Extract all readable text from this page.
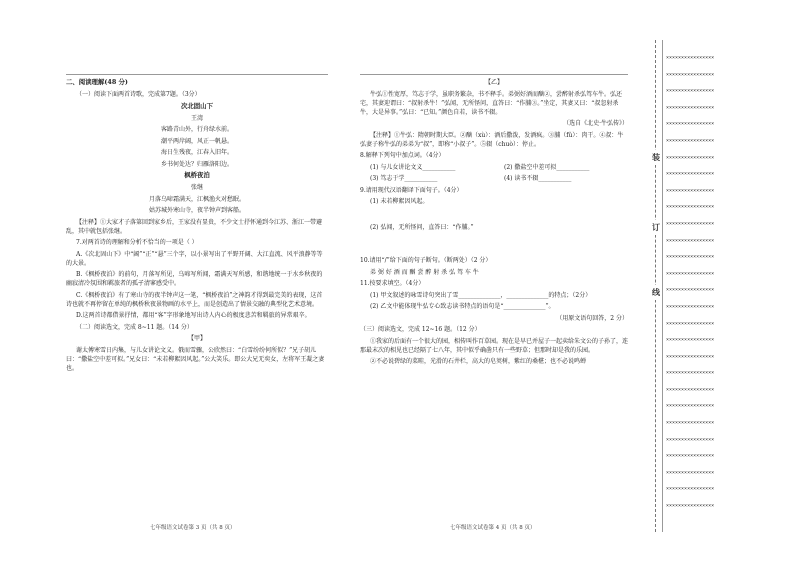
二、阅读理解(48 分)

（一）阅读下面两首诗歌，完成第7题。（3分）

次北固山下

王湾

客路青山外，行舟绿水前。

潮平两岸阔，风正一帆悬。

海日生残夜，江春入旧年。

乡书何处达？归雁洛阳边。

枫桥夜泊

张继

月落乌啼霜满天，江枫渔火对愁眠。

姑苏城外寒山寺，夜半钟声到客船。

【注释】①大家才子落第回到家乡后，王家没有显贵，不少文士抒怀通到今江苏、浙江一带避乱，其中就包括张继。

7.对两首诗的理解和分析不恰当的一项是（ ）

A.《次北固山下》中“阔”“正”“悬”三个字，以小景写出了平野开阔、大江直流、风平浪静等等的大景。

B.《枫桥夜泊》的前句，月落写所见，乌啼写所闻，霜满天写所感，和谐地统一于水乡秋夜的幽寂清冷氛围和羁旅者的孤孑清寥感受中。

C.《枫桥夜泊》有了寒山寺的夜半钟声这一笔，“枫桥夜泊”之神韵才得到最完美的表现，这首诗也就不再停留在单纯的枫桥秋夜景物画的水平上，而是创造出了情景交融的典型化艺术意境。

D.这两首诗都借景抒情，都用“客”字形象地写出诗人内心的极度悲苦和羁旅的异常艰辛。

（二）阅读选文，完成 8~11 题。（14 分）

【甲】

谢太傅寒雪日内集，与儿女讲论文义。俄而雪骤，公欣然曰：“白雪纷纷何所似？”兄子胡儿曰：“撒盐空中差可拟。”兄女曰：“未若柳絮因风起。”公大笑乐。即公大兄无奕女，左将军王凝之妻也。

七年级语文试卷第 3 页（共 8 页）

【乙】

牛弘①性宽厚，笃志于学，虽职务繁杂，书不释手。弟弼好酒而酗②，尝醉射杀弘驾车牛。弘还宅，其妻迎谓曰：“叔射杀牛！”弘闻，无所怪问，直答曰：“作脯③。”坐定，其妻又曰：“叔忽射杀牛，大是异事。”弘曰：“已知。”颜色自若，读书不辍。

（选自《北史·牛弘传》）

【注释】①牛弘：隋朝时期大臣。②酗（xù）：酒后撒泼，发酒疯。③脯（fǔ）：肉干。④叔：牛弘妻子称牛弘的弟弟为“叔”，即称“小叔子”。⑤辍（chuò）：停止。

8.解释下列句中加点词。（4分）

(1) 与儿女讲论文义___________	(2) 撒盐空中差可拟___________

(3) 笃志于学___________	(4) 读书不辍___________

9.请用现代汉语翻译下面句子。（4分）

(1) 未若柳絮因风起。

(2) 弘闻，无所怪问，直答曰：“作脯。”

10.请用“/”给下面的句子断句。（断两处）（2 分）

弟 弼 好 酒 而 酗 尝 醉 射 杀 弘 驾 车 牛

11.按要求填空。（4分）

(1) 甲文叙述的咏雪诗句突出了雪______________，______________的特点；（2分）

(2) 乙文中能体现牛弘专心致志读书特点的语句是“______________”。

（用原文语句回答，2 分）

（三）阅读选文，完成 12~16 题。（12 分）

①我家的后面有一个很大的园，相传叫作百草园。现在是早已并屋子一起卖给朱文公的子孙了，连那最末次的相见也已经隔了七八年，其中似乎确凿只有一些野草；但那时却是我的乐园。

②不必说碧绿的菜畦，光滑的石井栏，高大的皂荚树，紫红的桑椹；也不必说鸣蝉

七年级语文试卷第 4 页（共 8 页）
装
订
线
××××××××××××××××
××××××××××××××××
××××××××××××××××
××××××××××××××××
××××××××××××××××
××××××××××××××××
××××××××××××××××
××××××××××××××××
××××××××××××××××
××××××××××××××××
××××××××××××××××
××××××××××××××××
××××××××××××××××
××××××××××××××××
××××××××××××××××
××××××××××××××××
××××××××××××××××
××××××××××××××××
××××××××××××××××
××××××××××××××××
××××××××××××××××
××××××××××××××××
××××××××××××××××
××××××××××××××××
××××××××××××××××
××××××××××××××××
××××××××××××××××
××××××××××××××××
